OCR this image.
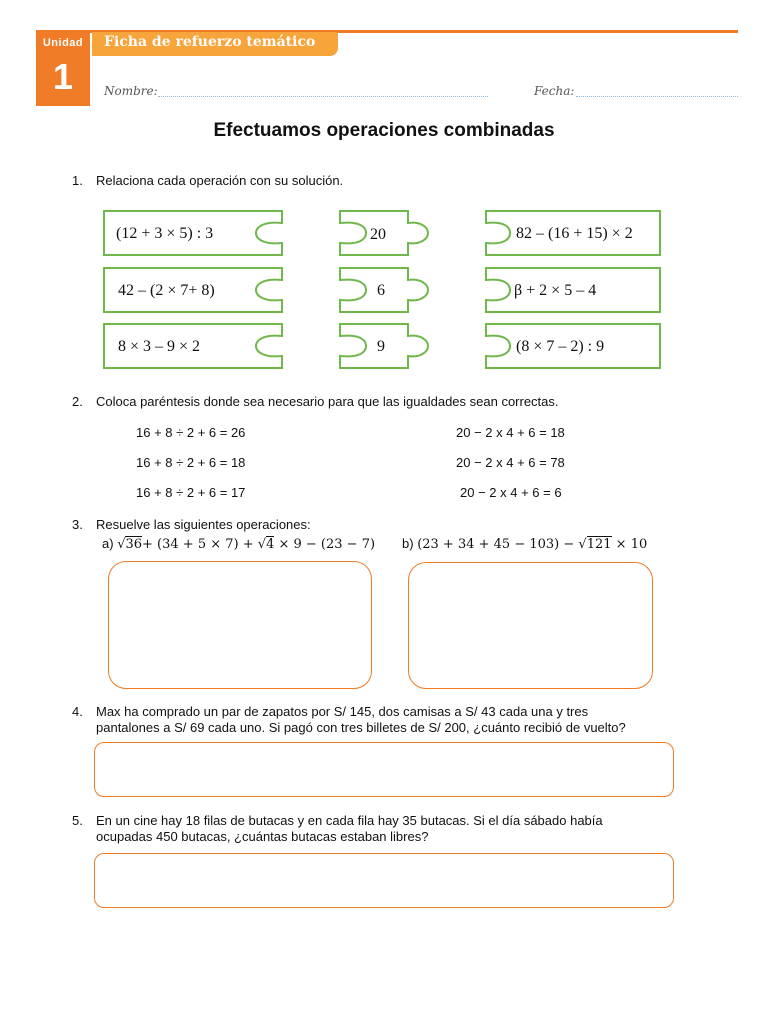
Unidad
1
Ficha de refuerzo temático
Nombre:	Fecha:
Efectuamos operaciones combinadas
1. Relaciona cada operación con su solución.
(12 + 3 × 5) : 3
42 – (2 × 7+ 8)
8 × 3 – 9 × 2
20
6
9
82 – (16 + 15) × 2
β + 2 × 5 – 4
(8 × 7 – 2) : 9
2. Coloca paréntesis donde sea necesario para que las igualdades sean correctas.
16 + 8 ÷ 2 + 6 = 26
16 + 8 ÷ 2 + 6 = 18
16 + 8 ÷ 2 + 6 = 17
20 − 2 x 4 + 6 = 18
20 − 2 x 4 + 6 = 78
20 − 2 x 4 + 6 = 6
3. Resuelve las siguientes operaciones:
a) √36+ (34 + 5 × 7) + √4 × 9 − (23 − 7) b) (23 + 34 + 45 − 103) − √121 × 10
4. Max ha comprado un par de zapatos por S/ 145, dos camisas a S/ 43 cada una y tres
pantalones a S/ 69 cada uno. Si pagó con tres billetes de S/ 200, ¿cuánto recibió de vuelto?
5. En un cine hay 18 filas de butacas y en cada fila hay 35 butacas. Si el día sábado había
ocupadas 450 butacas, ¿cuántas butacas estaban libres?
